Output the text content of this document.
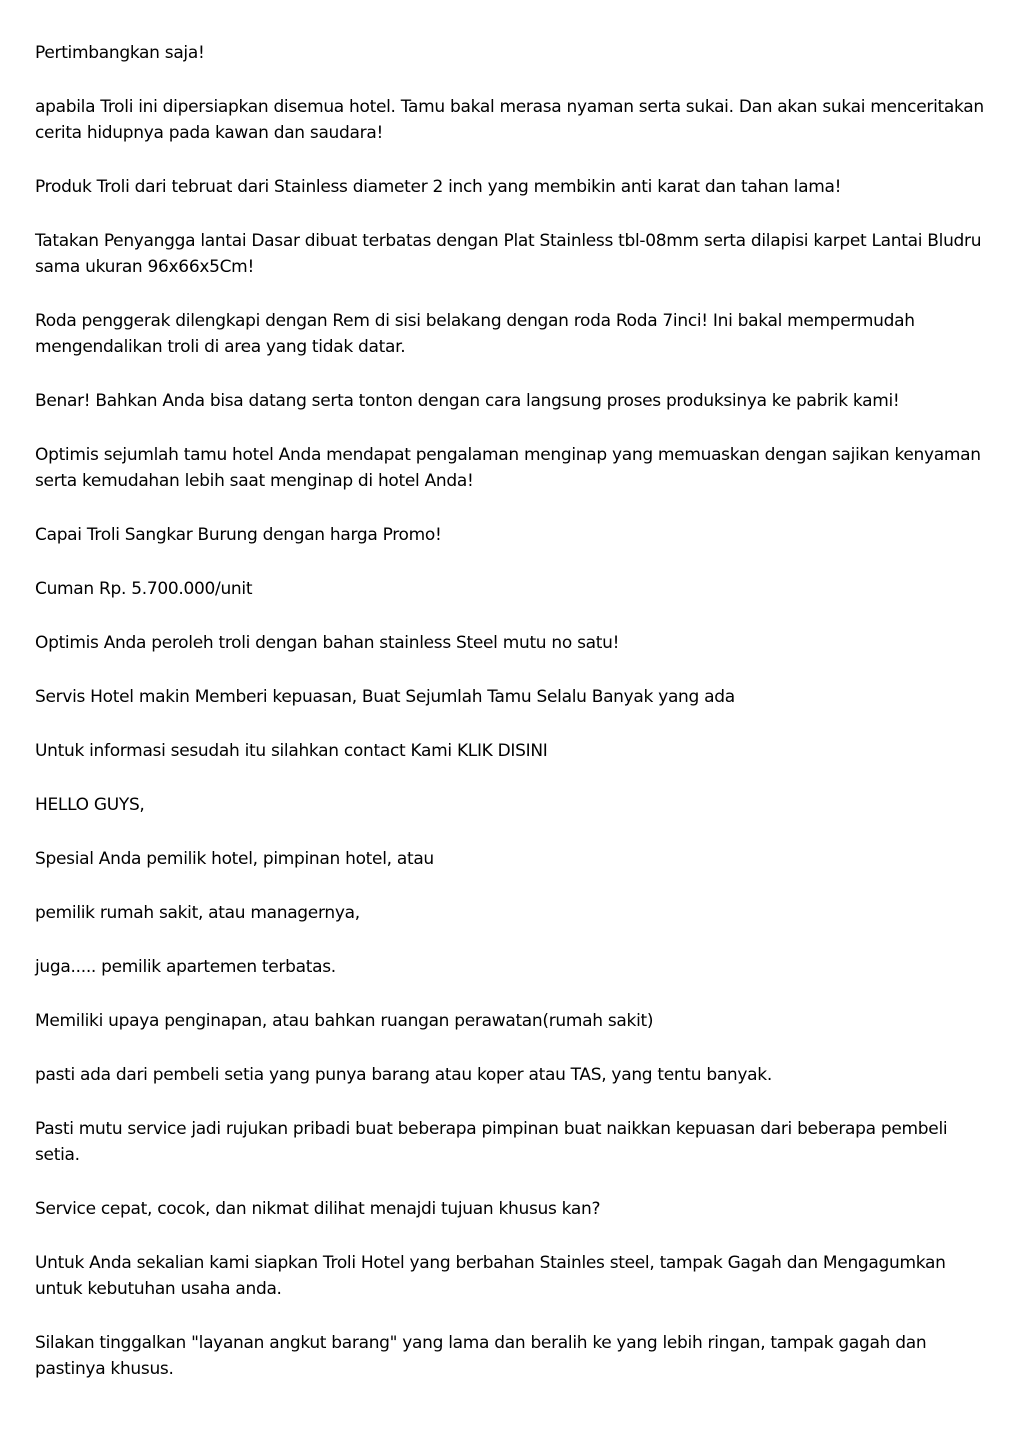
Pertimbangkan saja!

apabila Troli ini dipersiapkan disemua hotel. Tamu bakal merasa nyaman serta sukai. Dan akan sukai menceritakan cerita hidupnya pada kawan dan saudara!

Produk Troli dari tebruat dari Stainless diameter 2 inch yang membikin anti karat dan tahan lama!

Tatakan Penyangga lantai Dasar dibuat terbatas dengan Plat Stainless tbl-08mm serta dilapisi karpet Lantai Bludru sama ukuran 96x66x5Cm!

Roda penggerak dilengkapi dengan Rem di sisi belakang dengan roda Roda 7inci! Ini bakal mempermudah mengendalikan troli di area yang tidak datar.

Benar! Bahkan Anda bisa datang serta tonton dengan cara langsung proses produksinya ke pabrik kami!

Optimis sejumlah tamu hotel Anda mendapat pengalaman menginap yang memuaskan dengan sajikan kenyaman serta kemudahan lebih saat menginap di hotel Anda!

Capai Troli Sangkar Burung dengan harga Promo!

Cuman Rp. 5.700.000/unit

Optimis Anda peroleh troli dengan bahan stainless Steel mutu no satu!

Servis Hotel makin Memberi kepuasan, Buat Sejumlah Tamu Selalu Banyak yang ada

Untuk informasi sesudah itu silahkan contact Kami KLIK DISINI

HELLO GUYS,

Spesial Anda pemilik hotel, pimpinan hotel, atau

pemilik rumah sakit, atau managernya,

juga..... pemilik apartemen terbatas.

Memiliki upaya penginapan, atau bahkan ruangan perawatan(rumah sakit)

pasti ada dari pembeli setia yang punya barang atau koper atau TAS, yang tentu banyak.

Pasti mutu service jadi rujukan pribadi buat beberapa pimpinan buat naikkan kepuasan dari beberapa pembeli setia.

Service cepat, cocok, dan nikmat dilihat menajdi tujuan khusus kan?

Untuk Anda sekalian kami siapkan Troli Hotel yang berbahan Stainles steel, tampak Gagah dan Mengagumkan untuk kebutuhan usaha anda.

Silakan tinggalkan "layanan angkut barang" yang lama dan beralih ke yang lebih ringan, tampak gagah dan pastinya khusus.
